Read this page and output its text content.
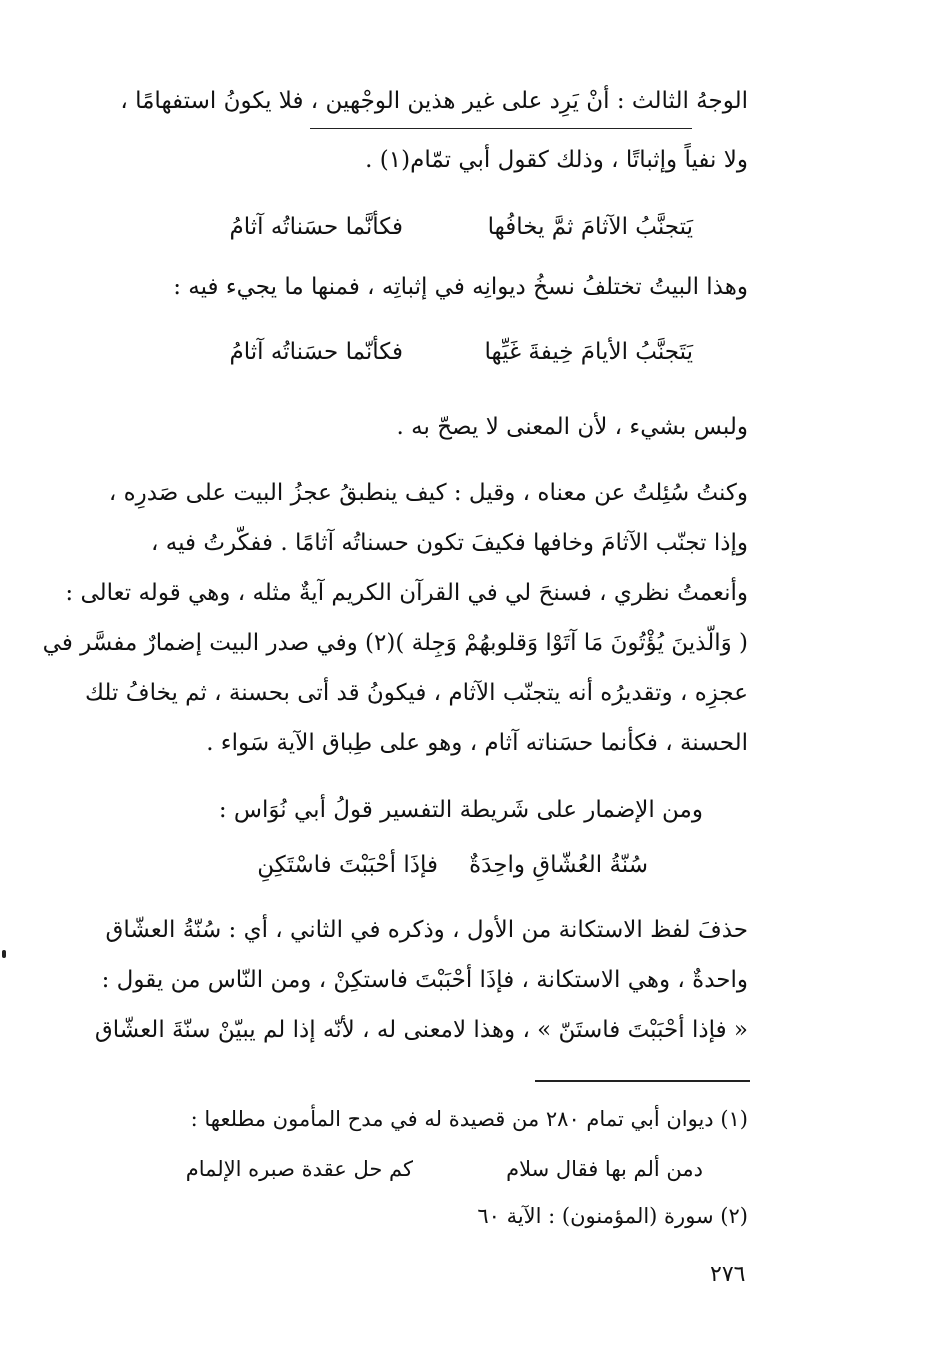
الوجهُ الثالث : أنْ يَرِد على غير هذين الوجْهين ، فلا يكونُ استفهامًا ،
ولا نفياً وإثباتًا ، وذلك كقول أبي تمّام(١) .
يَتجنَّبُ الآثامَ ثمَّ يخافُها
فكأنَّما حسَناتُه آثامُ
وهذا البيتُ تختلفُ نسخُ ديوانِه في إثباتِه ، فمنها ما يجيء فيه :
يَتَجنَّبُ الأيامَ خِيفةَ غَيِّها
فكأنّما حسَناتُه آثامُ
ولبس بشيء ، لأن المعنى لا يصحّ به .
وكنتُ سُئِلتُ عن معناه ، وقيل : كيف ينطبقُ عجزُ البيت على صَدرِه ،
وإذا تجنّب الآثامَ وخافها فكيفَ تكون حسناتُه آثامًا . ففكّرتُ فيه ،
وأنعمتُ نظري ، فسنحَ لي في القرآن الكريم آيةٌ مثله ، وهي قوله تعالى :
( وَالّذينَ يُؤْتُونَ مَا آتَوْا وَقلوبهُمْ وَجِلة )(٢) وفي صدر البيت إضمارٌ مفسَّر في
عجزِه ، وتقديرُه أنه يتجنّب الآثام ، فيكونُ قد أتى بحسنة ، ثم يخافُ تلك
الحسنة ، فكأنما حسَناته آثام ، وهو على طِباق الآية سَواء .
ومن الإضمار على شَريطة التفسير قولُ أبي نُوَاس :
سُنّةُ العُشّاقِ واحِدَةٌ
فإذَا أحْبَبْتَ فاسْتَكِنِ
حذفَ لفظ الاستكانة من الأول ، وذكره في الثاني ، أي : سُنّةُ العشّاق
واحدةٌ ، وهي الاستكانة ، فإذَا أحْبَبْتَ فاستكِنْ ، ومن النّاس من يقول :
« فإذا أحْبَبْتَ فاستَنّ » ، وهذا لامعنى له ، لأنّه إذا لم يبيّنْ سنّةَ العشّاق
(١) ديوان أبي تمام ٢٨٠ من قصيدة له في مدح المأمون مطلعها :
دمن ألم بها فقال سلام
كم حل عقدة صبره الإلمام
(٢) سورة (المؤمنون) : الآية ٦٠
٢٧٦
